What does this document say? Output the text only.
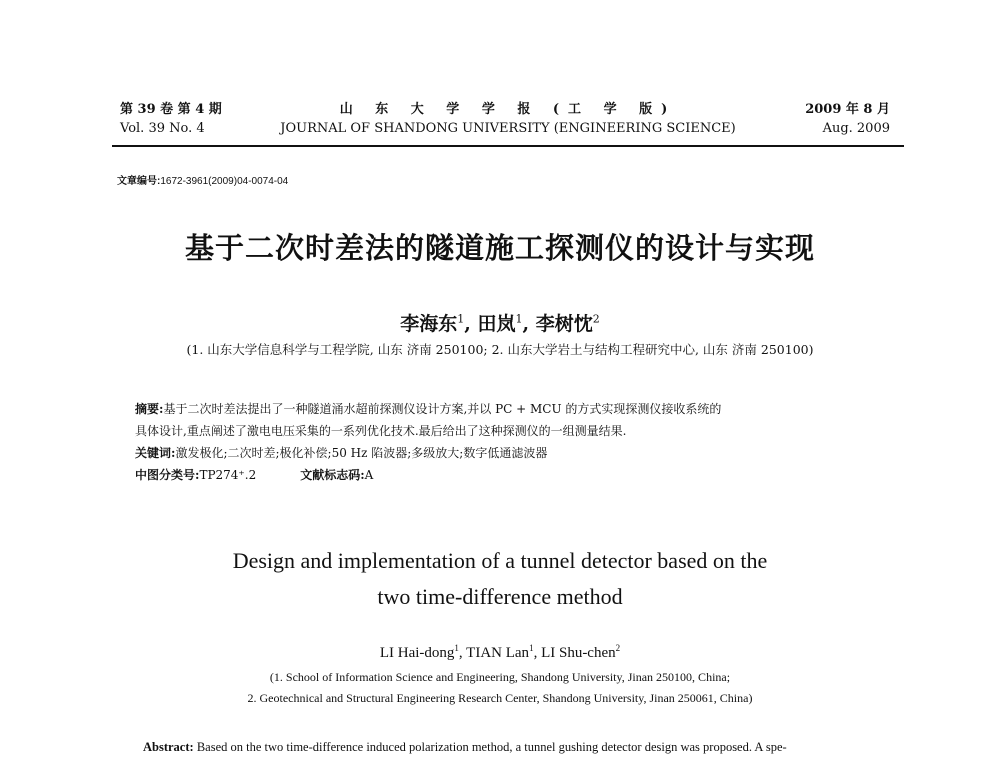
第 39 卷 第 4 期
Vol. 39 No. 4
山 东 大 学 学 报 (工 学 版)
JOURNAL OF SHANDONG UNIVERSITY (ENGINEERING SCIENCE)
2009 年 8 月
Aug. 2009
文章编号:1672-3961(2009)04-0074-04
基于二次时差法的隧道施工探测仪的设计与实现
李海东$^1$, 田岚$^1$, 李树忱$^2$
(1. 山东大学信息科学与工程学院, 山东 济南 250100; 2. 山东大学岩土与结构工程研究中心, 山东 济南 250100)
摘要:基于二次时差法提出了一种隧道涌水超前探测仪设计方案,并以 PC + MCU 的方式实现探测仪接收系统的
具体设计,重点阐述了激电电压采集的一系列优化技术.最后给出了这种探测仪的一组测量结果.
关键词:激发极化;二次时差;极化补偿;50 Hz 陷波器;多级放大;数字低通滤波器
中图分类号:TP274⁺.2	文献标志码:A
Design and implementation of a tunnel detector based on the
two time-difference method
LI Hai-dong$^1$, TIAN Lan$^1$, LI Shu-chen$^2$
(1. School of Information Science and Engineering, Shandong University, Jinan 250100, China;
2. Geotechnical and Structural Engineering Research Center, Shandong University, Jinan 250061, China)
Abstract: Based on the two time-difference induced polarization method, a tunnel gushing detector design was proposed. A spe-
